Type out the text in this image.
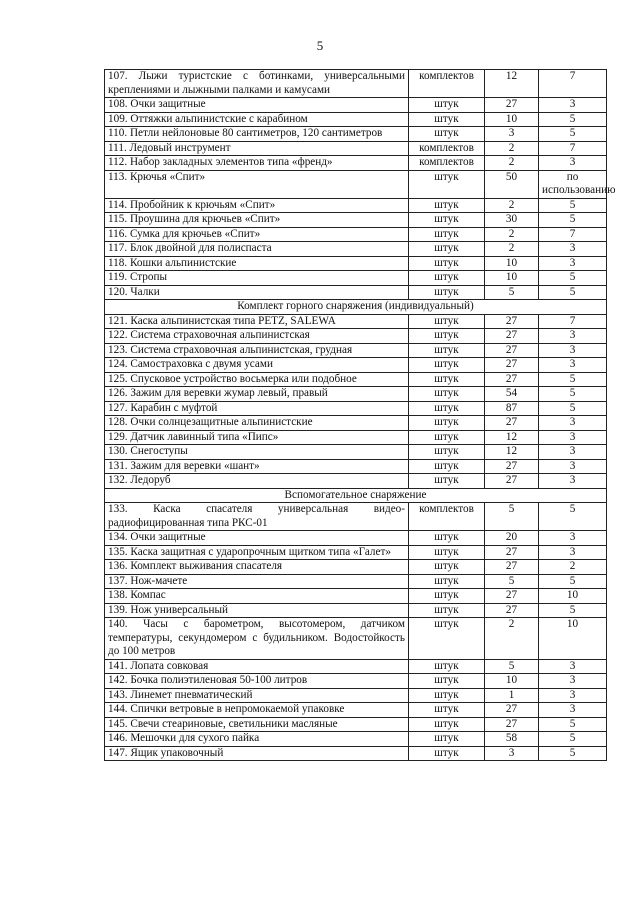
5
107. Лыжи туристские с ботинками, универсальными креплениями и лыжными палками и камусами	комплектов	12	7
108. Очки защитные	штук	27	3
109. Оттяжки альпинистские с карабином	штук	10	5
110. Петли нейлоновые 80 сантиметров, 120 сантиметров	штук	3	5
111. Ледовый инструмент	комплектов	2	7
112. Набор закладных элементов типа «френд»	комплектов	2	3
113. Крючья «Спит»	штук	50	по использованию
114. Пробойник к крючьям «Спит»	штук	2	5
115. Проушина для крючьев «Спит»	штук	30	5
116. Сумка для крючьев «Спит»	штук	2	7
117. Блок двойной для полиспаста	штук	2	3
118. Кошки альпинистские	штук	10	3
119. Стропы	штук	10	5
120. Чалки	штук	5	5
Комплект горного снаряжения (индивидуальный)			
121. Каска альпинистская типа PETZ, SALEWA	штук	27	7
122. Система страховочная альпинистская	штук	27	3
123. Система страховочная альпинистская, грудная	штук	27	3
124. Самостраховка с двумя усами	штук	27	3
125. Спусковое устройство восьмерка или подобное	штук	27	5
126. Зажим для веревки жумар левый, правый	штук	54	5
127. Карабин с муфтой	штук	87	5
128. Очки солнцезащитные альпинистские	штук	27	3
129. Датчик лавинный типа «Пипс»	штук	12	3
130. Снегоступы	штук	12	3
131. Зажим для веревки «шант»	штук	27	3
132. Ледоруб	штук	27	3
Вспомогательное снаряжение			
133. Каска спасателя универсальная видео-радиофицированная типа РКС-01	комплектов	5	5
134. Очки защитные	штук	20	3
135. Каска защитная с ударопрочным щитком типа «Галет»	штук	27	3
136. Комплект выживания спасателя	штук	27	2
137. Нож-мачете	штук	5	5
138. Компас	штук	27	10
139. Нож универсальный	штук	27	5
140. Часы с барометром, высотомером, датчиком температуры, секундомером с будильником. Водостойкость до 100 метров	штук	2	10
141. Лопата совковая	штук	5	3
142. Бочка полиэтиленовая 50-100 литров	штук	10	3
143. Линемет пневматический	штук	1	3
144. Спички ветровые в непромокаемой упаковке	штук	27	3
145. Свечи стеариновые, светильники масляные	штук	27	5
146. Мешочки для сухого пайка	штук	58	5
147. Ящик упаковочный	штук	3	5
